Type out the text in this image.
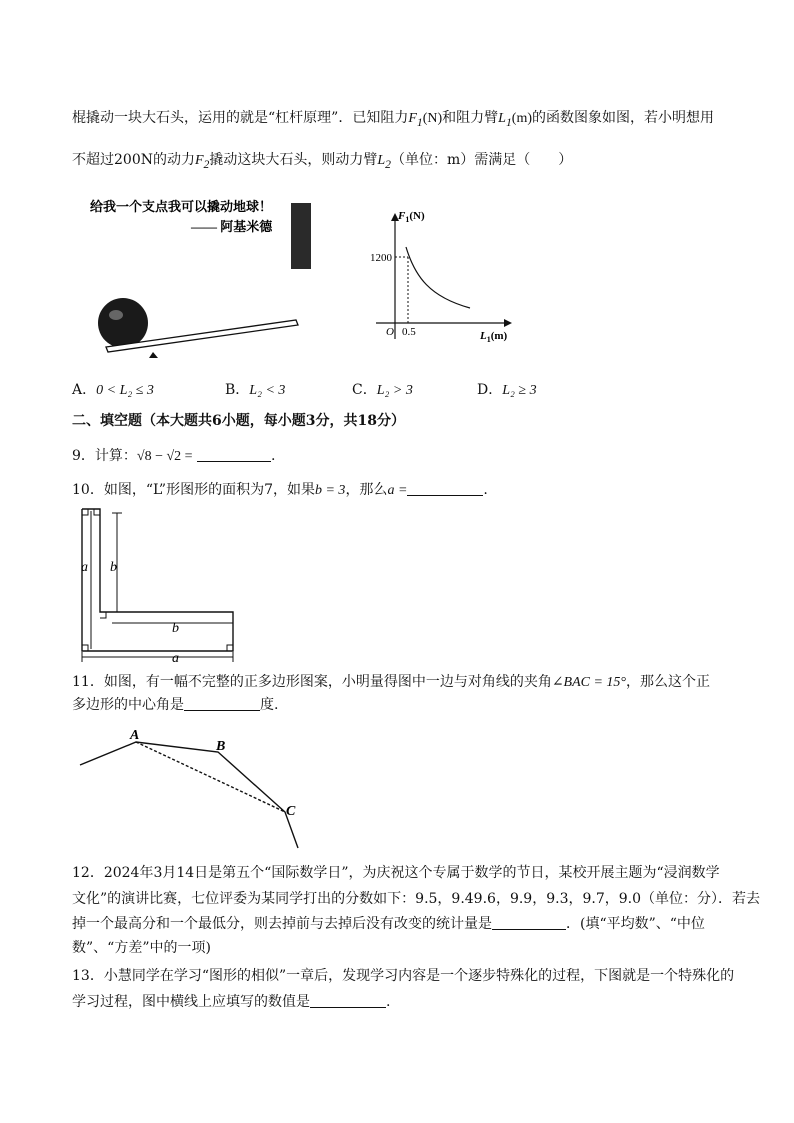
棍撬动一块大石头，运用的就是“杠杆原理”．已知阻力$F_1(N)$和阻力臂$L_1(m)$的函数图象如图，若小明想用
不超过200N的动力$F_2$撬动这块大石头，则动力臂$L_2$（单位：m）需满足（　　）
给我一个支点我可以撬动地球！
—— 阿基米德
$F_1(N)$
1200
O 0.5	$L_1(m)$
A．0 < L₂ ≤ 3	B．L₂ < 3	C．L₂ > 3	D．L₂ ≥ 3
二、填空题（本大题共6小题，每小题3分，共18分）
9．计算：√8 − √2 =	.
10．如图，“L”形图形的面积为7，如果b = 3，那么a =	.
a b
b
a
11．如图，有一幅不完整的正多边形图案，小明量得图中一边与对角线的夹角∠BAC = 15°，那么这个正
多边形的中心角是	度.
A
B
C
12．2024年3月14日是第五个“国际数学日”，为庆祝这个专属于数学的节日，某校开展主题为“浸润数学
文化”的演讲比赛，七位评委为某同学打出的分数如下：9.5，9.49.6，9.9，9.3，9.7，9.0（单位：分）．若去
掉一个最高分和一个最低分，则去掉前与去掉后没有改变的统计量是	．(填“平均数”、“中位
数”、“方差”中的一项)
13．小慧同学在学习“图形的相似”一章后，发现学习内容是一个逐步特殊化的过程，下图就是一个特殊化的
学习过程，图中横线上应填写的数值是	.
